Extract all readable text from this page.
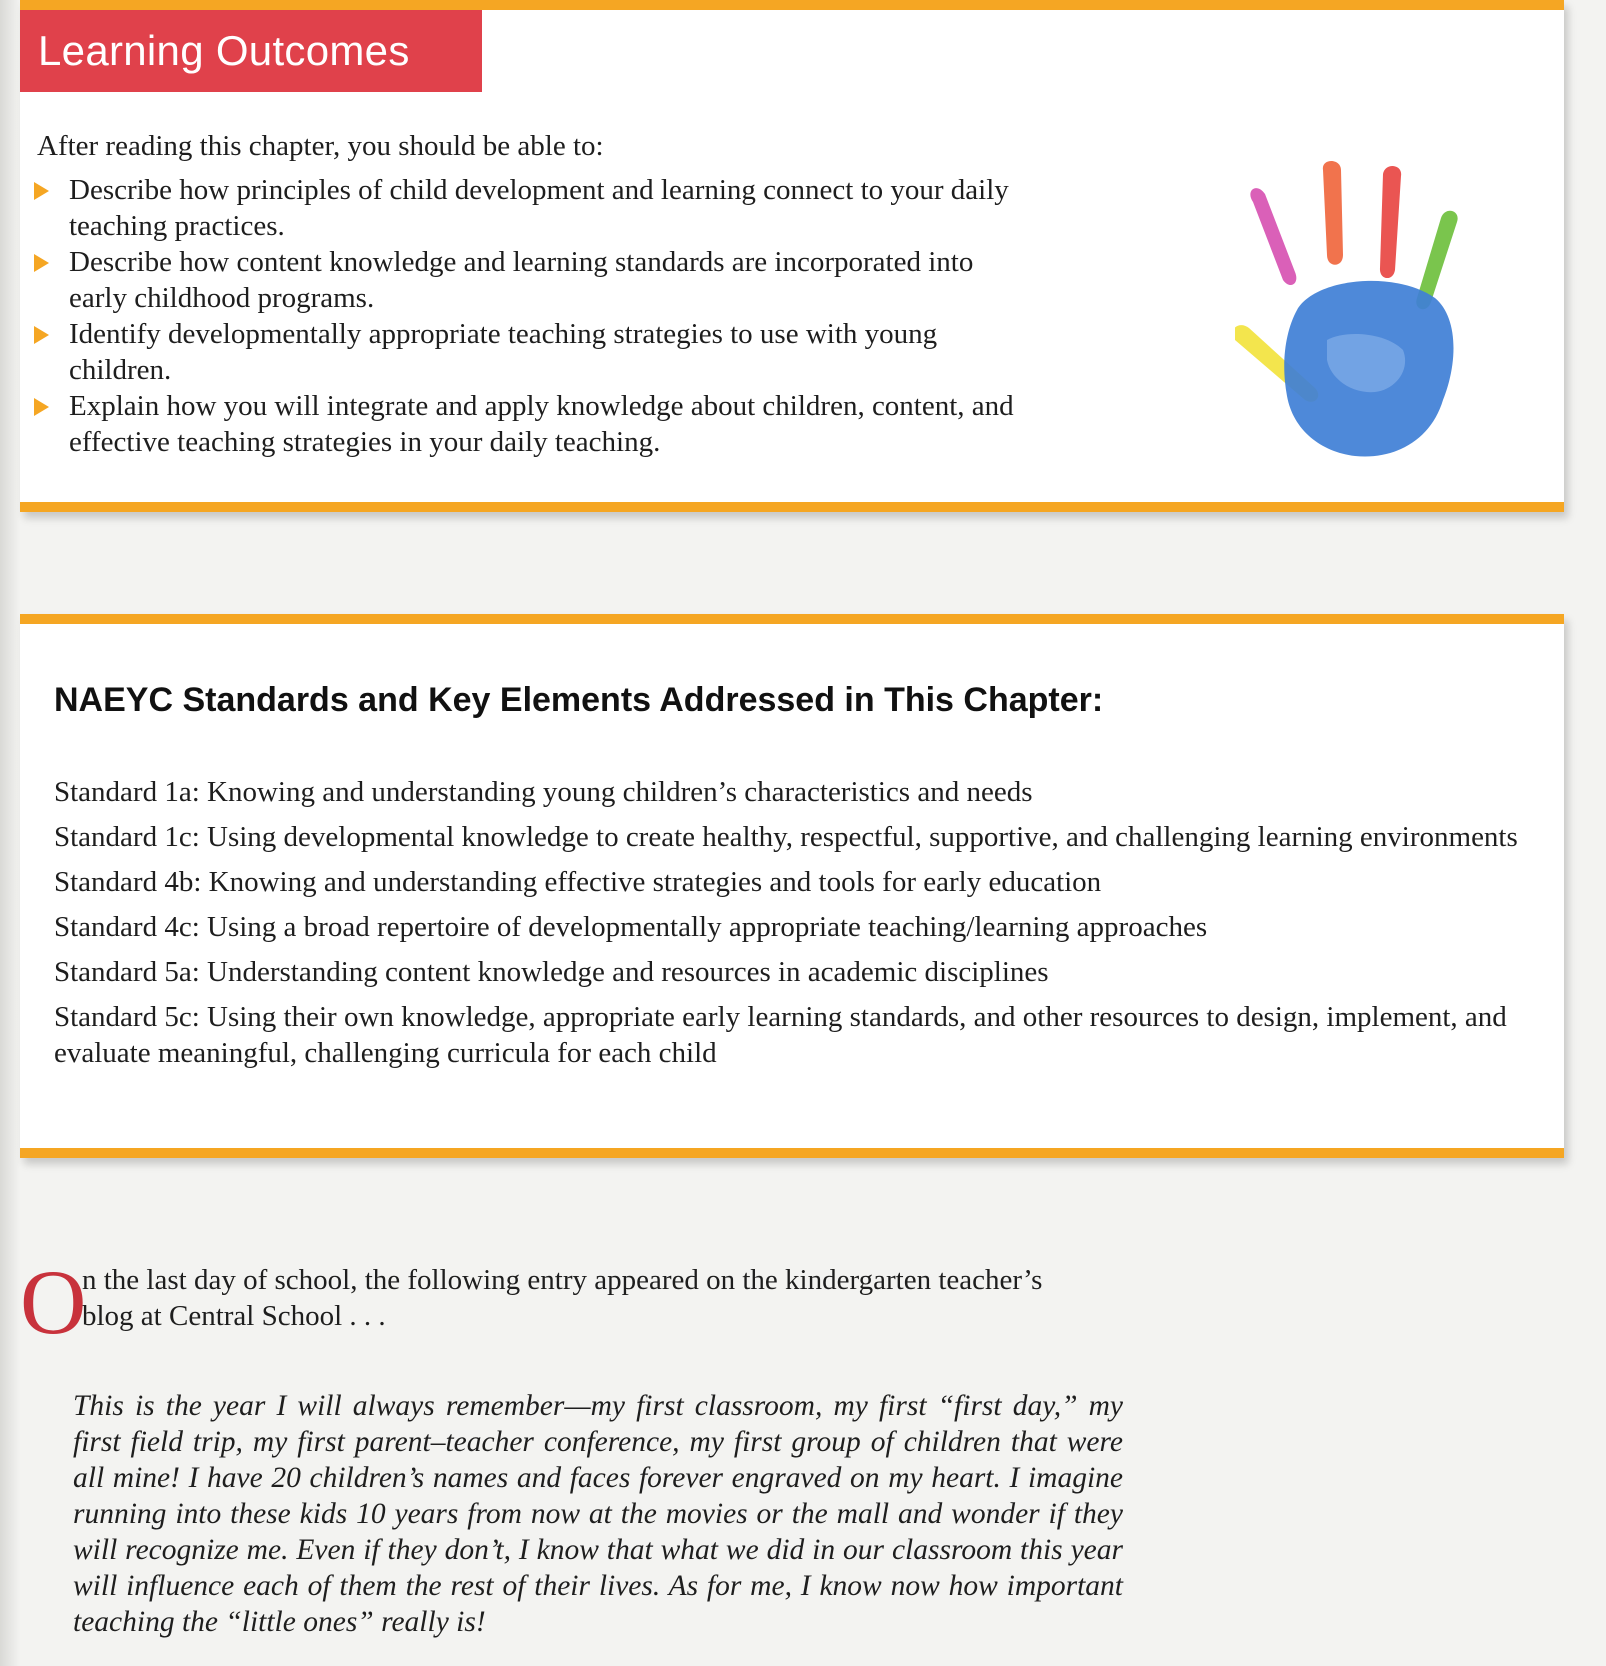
Learning Outcomes
After reading this chapter, you should be able to:
Describe how principles of child development and learning connect to your daily
teaching practices.
Describe how content knowledge and learning standards are incorporated into
early childhood programs.
Identify developmentally appropriate teaching strategies to use with young
children.
Explain how you will integrate and apply knowledge about children, content, and
effective teaching strategies in your daily teaching.
NAEYC Standards and Key Elements Addressed in This Chapter:
Standard 1a: Knowing and understanding young children’s characteristics and needs
Standard 1c: Using developmental knowledge to create healthy, respectful, supportive, and challenging learning environments
Standard 4b: Knowing and understanding effective strategies and tools for early education
Standard 4c: Using a broad repertoire of developmentally appropriate teaching/learning approaches
Standard 5a: Understanding content knowledge and resources in academic disciplines
Standard 5c: Using their own knowledge, appropriate early learning standards, and other resources to design, implement, and evaluate meaningful, challenging curricula for each child
O
n the last day of school, the following entry appeared on the kindergarten teacher’s
blog at Central School . . .

This is the year I will always remember—my first classroom, my first “first day,” my first field trip, my first parent–teacher conference, my first group of children that were all mine! I have 20 children’s names and faces forever engraved on my heart. I imagine running into these kids 10 years from now at the movies or the mall and wonder if they will recognize me. Even if they don’t, I know that what we did in our classroom this year will influence each of them the rest of their lives. As for me, I know now how important teaching the “little ones” really is!
